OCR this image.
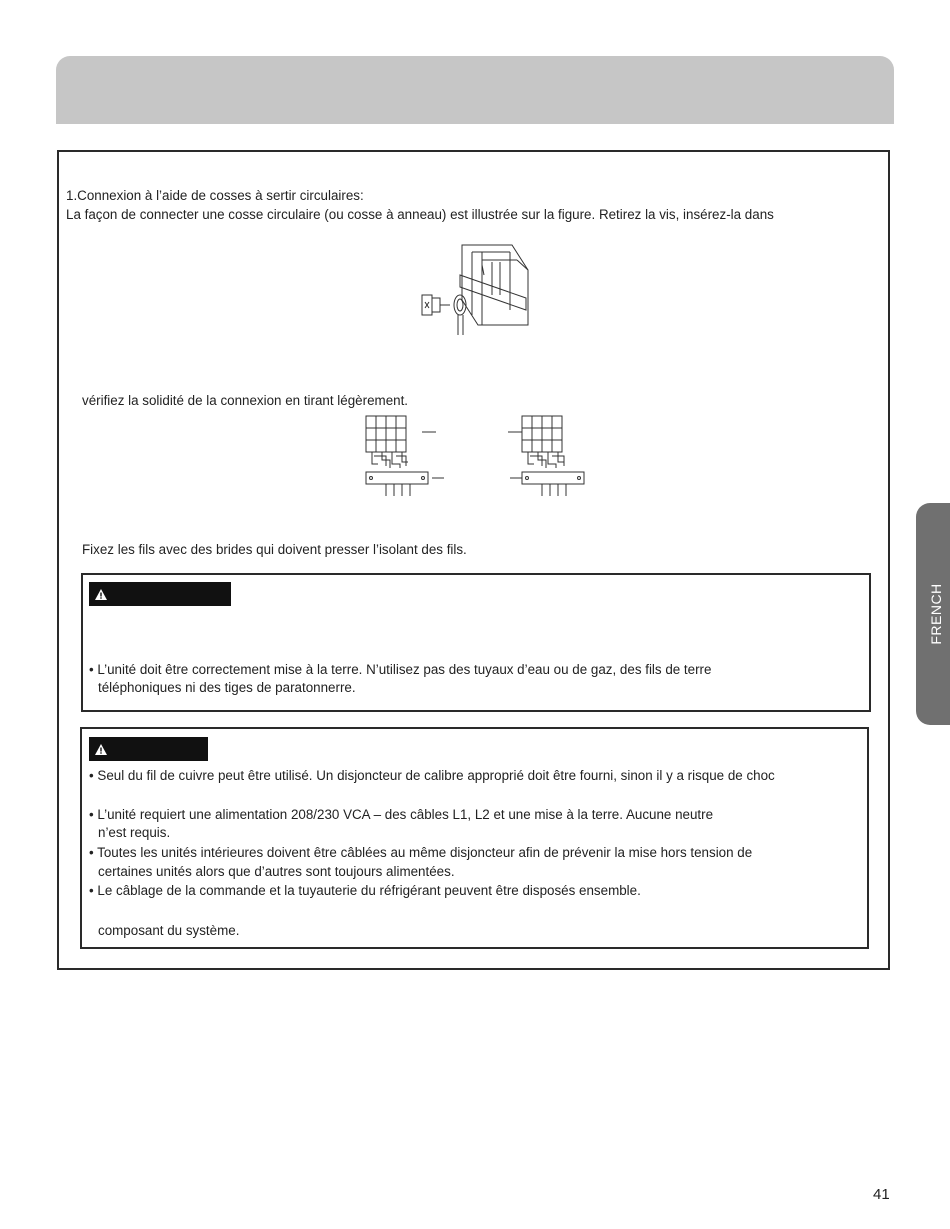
1.Connexion à l’aide de cosses à sertir circulaires:
La façon de connecter une cosse circulaire (ou cosse à anneau) est illustrée sur la figure. Retirez la vis, insérez-la dans
vérifiez la solidité de la connexion en tirant légèrement.
Fixez les fils avec des brides qui doivent presser l’isolant des fils.
• L’unité doit être correctement mise à la terre. N’utilisez pas des tuyaux d’eau ou de gaz, des fils de terre
téléphoniques ni des tiges de paratonnerre.
• Seul du fil de cuivre peut être utilisé. Un disjoncteur de calibre approprié doit être fourni, sinon il y a risque de choc
• L’unité requiert une alimentation 208/230 VCA – des câbles L1, L2 et une mise à la terre. Aucune neutre
n’est requis.
• Toutes les unités intérieures doivent être câblées au même disjoncteur afin de prévenir la mise hors tension de
certaines unités alors que d’autres sont toujours alimentées.
• Le câblage de la commande et la tuyauterie du réfrigérant peuvent être disposés ensemble.
composant du système.
FRENCH
41
